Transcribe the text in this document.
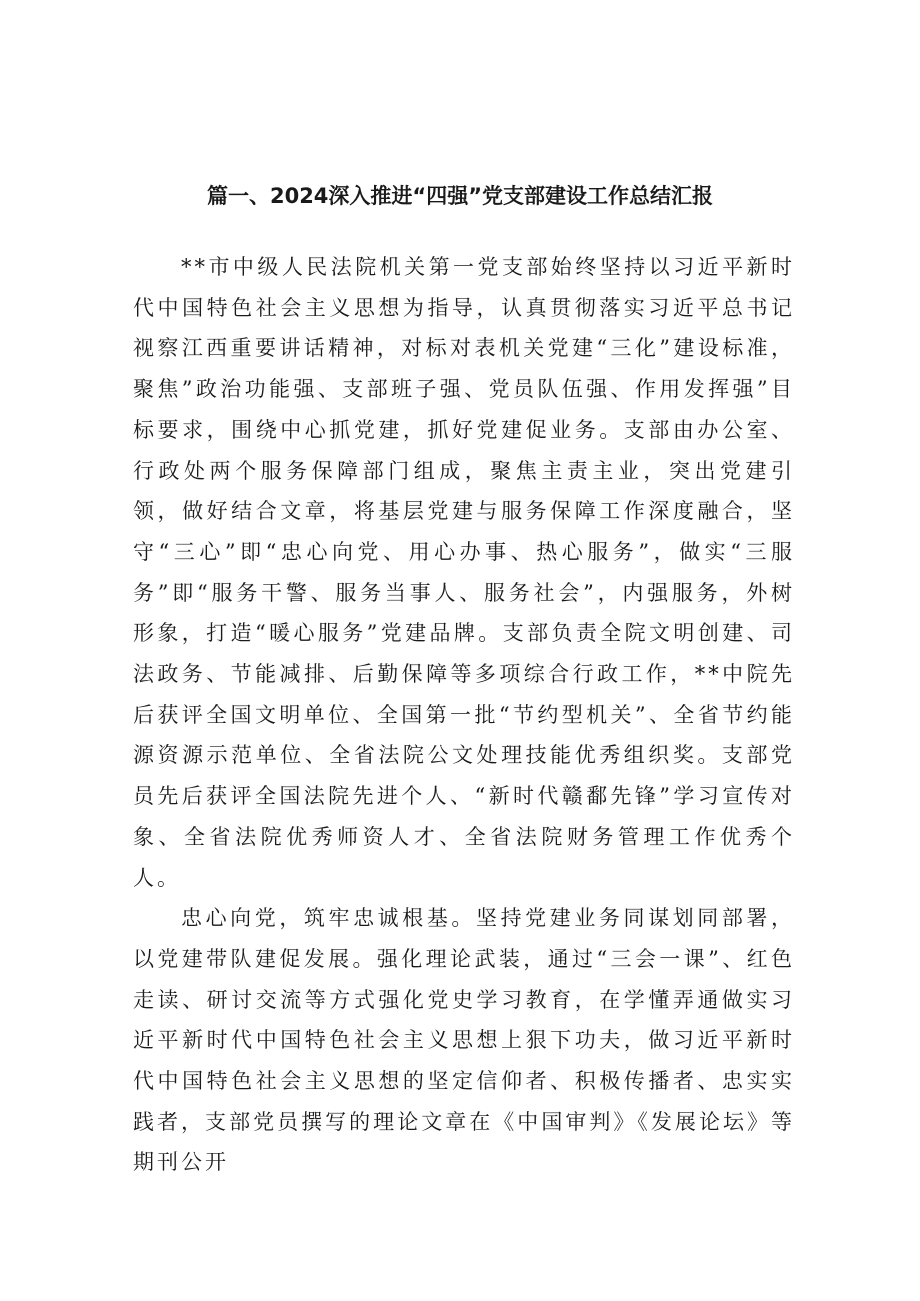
篇一、2024深入推进“四强”党支部建设工作总结汇报

**市中级人民法院机关第一党支部始终坚持以习近平新时代中国特色社会主义思想为指导，认真贯彻落实习近平总书记视察江西重要讲话精神，对标对表机关党建“三化”建设标准，聚焦”政治功能强、支部班子强、党员队伍强、作用发挥强”目标要求，围绕中心抓党建，抓好党建促业务。支部由办公室、行政处两个服务保障部门组成，聚焦主责主业，突出党建引领，做好结合文章，将基层党建与服务保障工作深度融合，坚守“三心”即“忠心向党、用心办事、热心服务”，做实“三服务”即“服务干警、服务当事人、服务社会”，内强服务，外树形象，打造“暖心服务”党建品牌。支部负责全院文明创建、司法政务、节能减排、后勤保障等多项综合行政工作，**中院先后获评全国文明单位、全国第一批“节约型机关”、全省节约能源资源示范单位、全省法院公文处理技能优秀组织奖。支部党员先后获评全国法院先进个人、“新时代赣鄱先锋”学习宣传对象、全省法院优秀师资人才、全省法院财务管理工作优秀个人。

忠心向党，筑牢忠诚根基。坚持党建业务同谋划同部署，以党建带队建促发展。强化理论武装，通过“三会一课”、红色走读、研讨交流等方式强化党史学习教育，在学懂弄通做实习近平新时代中国特色社会主义思想上狠下功夫，做习近平新时代中国特色社会主义思想的坚定信仰者、积极传播者、忠实实践者，支部党员撰写的理论文章在《中国审判》《发展论坛》等期刊公开
